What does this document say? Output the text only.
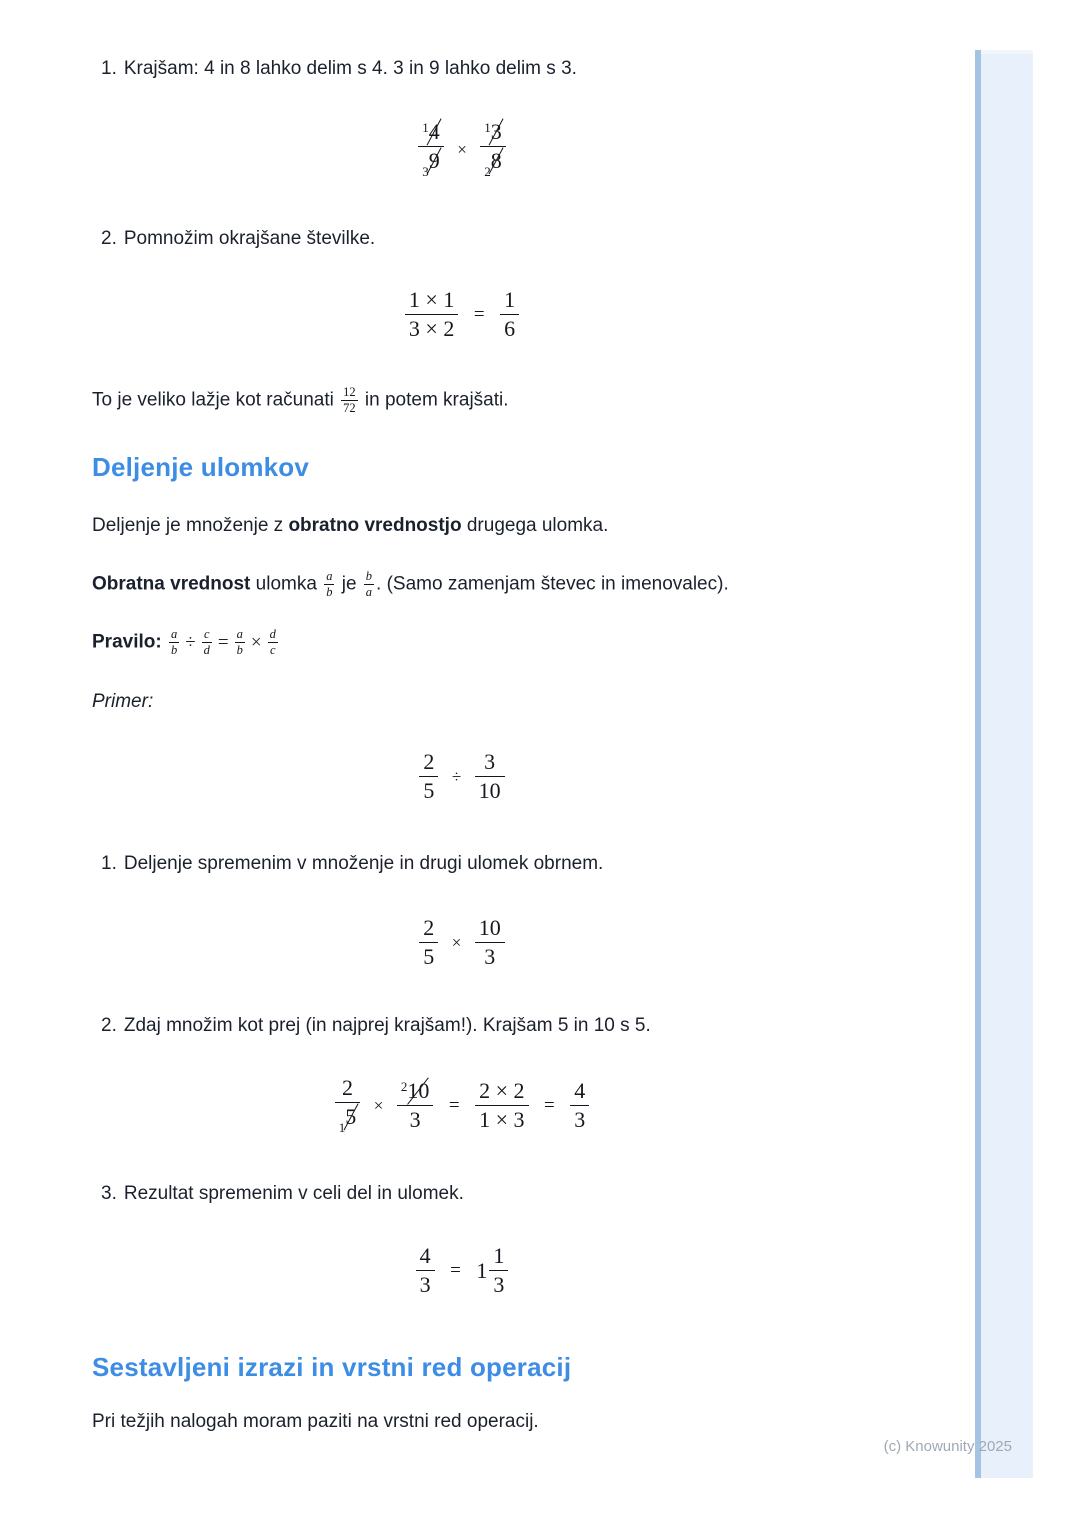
1. Krajšam: 4 in 8 lahko delim s 4. 3 in 9 lahko delim s 3.
$\frac{^14}{_39} \times \frac{^13}{_28}$
2. Pomnožim okrajšane številke.
$\frac{1 \times 1}{3 \times 2} = \frac{1}{6}$
To je veliko lažje kot računati $\frac{12}{72}$ in potem krajšati.
Deljenje ulomkov
Deljenje je množenje z obratno vrednostjo drugega ulomka.
Obratna vrednost ulomka $\frac{a}{b}$ je $\frac{b}{a}$ . (Samo zamenjam števec in imenovalec).
Pravilo: $\frac{a}{b} \div \frac{c}{d} = \frac{a}{b} \times \frac{d}{c}$
Primer:
$\frac{2}{5} \div \frac{3}{10}$
1. Deljenje spremenim v množenje in drugi ulomek obrnem.
$\frac{2}{5} \times \frac{10}{3}$
2. Zdaj množim kot prej (in najprej krajšam!). Krajšam 5 in 10 s 5.
$\frac{2}{_15} \times \frac{^210}{3} = \frac{2 \times 2}{1 \times 3} = \frac{4}{3}$
3. Rezultat spremenim v celi del in ulomek.
$\frac{4}{3} = 1 \frac{1}{3}$
Sestavljeni izrazi in vrstni red operacij
Pri težjih nalogah moram paziti na vrstni red operacij.
(c) Knowunity 2025
